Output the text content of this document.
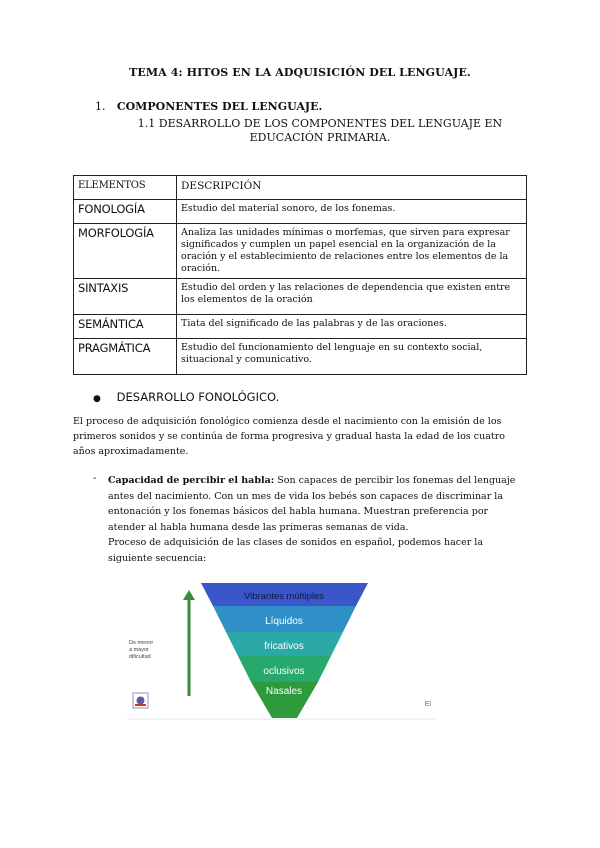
TEMA 4: HITOS EN LA ADQUISICIÓN DEL LENGUAJE.
1. COMPONENTES DEL LENGUAJE.
1.1 DESARROLLO DE LOS COMPONENTES DEL LENGUAJE EN EDUCACIÓN PRIMARIA.
ELEMENTOS	DESCRIPCIÓN
FONOLOGÍA	Estudio del material sonoro, de los fonemas.
MORFOLOGÍA	Analiza las unidades mínimas o morfemas, que sirven para expresar significados y cumplen un papel esencial en la organización de la oración y el establecimiento de relaciones entre los elementos de la oración.
SINTAXIS	Estudio del orden y las relaciones de dependencia que existen entre los elementos de la oración
SEMÁNTICA	Tiata del significado de las palabras y de las oraciones.
PRAGMÁTICA	Estudio del funcionamiento del lenguaje en su contexto social, situacional y comunicativo.
● DESARROLLO FONOLÓGICO.
El proceso de adquisición fonológico comienza desde el nacimiento con la emisión de los primeros sonidos y se continúa de forma progresiva y gradual hasta la edad de los cuatro años aproximadamente.
- Capacidad de percibir el habla: Son capaces de percibir los fonemas del lenguaje antes del nacimiento. Con un mes de vida los bebés son capaces de discriminar la entonación y los fonemas básicos del habla humana. Muestran preferencia por atender al habla humana desde las primeras semanas de vida.
Proceso de adquisición de las clases de sonidos en español, podemos hacer la siguiente secuencia:
De menor
a mayor
dificultad
Vibrantes múltiples
Líquidos
fricativos
oclusivos
Nasales
El
